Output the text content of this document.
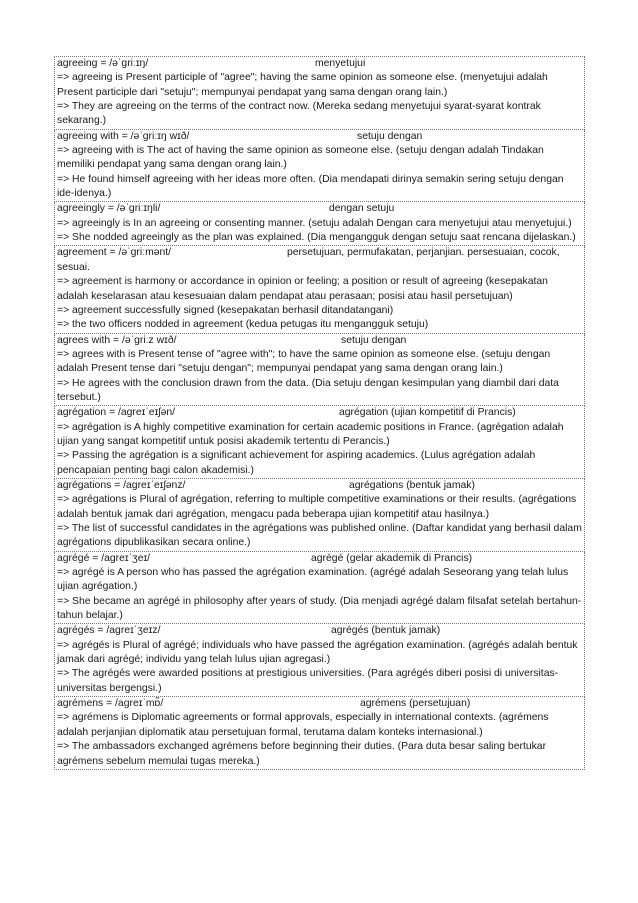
agreeing = /əˈɡriːɪŋ/	menyetujui
=> agreeing is Present participle of "agree"; having the same opinion as someone else. (menyetujui adalah Present participle dari "setuju"; mempunyai pendapat yang sama dengan orang lain.)
=> They are agreeing on the terms of the contract now. (Mereka sedang menyetujui syarat-syarat kontrak sekarang.)
agreeing with = /əˈɡriːɪŋ wɪð/	setuju dengan
=> agreeing with is The act of having the same opinion as someone else. (setuju dengan adalah Tindakan memiliki pendapat yang sama dengan orang lain.)
=> He found himself agreeing with her ideas more often. (Dia mendapati dirinya semakin sering setuju dengan ide-idenya.)
agreeingly = /əˈɡriːɪŋli/	dengan setuju
=> agreeingly is In an agreeing or consenting manner. (setuju adalah Dengan cara menyetujui atau menyetujui.)
=> She nodded agreeingly as the plan was explained. (Dia mengangguk dengan setuju saat rencana dijelaskan.)
agreement = /əˈɡriːmənt/	persetujuan, permufakatan, perjanjian. persesuaian, cocok, sesuai.
=> agreement is harmony or accordance in opinion or feeling; a position or result of agreeing (kesepakatan adalah keselarasan atau kesesuaian dalam pendapat atau perasaan; posisi atau hasil persetujuan)
=> agreement successfully signed (kesepakatan berhasil ditandatangani)
=> the two officers nodded in agreement (kedua petugas itu mengangguk setuju)
agrees with = /əˈɡriːz wɪð/	setuju dengan
=> agrees with is Present tense of "agree with"; to have the same opinion as someone else. (setuju dengan adalah Present tense dari "setuju dengan"; mempunyai pendapat yang sama dengan orang lain.)
=> He agrees with the conclusion drawn from the data. (Dia setuju dengan kesimpulan yang diambil dari data tersebut.)
agrégation = /aɡreɪˈeɪʃən/	agrégation (ujian kompetitif di Prancis)
=> agrégation is A highly competitive examination for certain academic positions in France. (agrégation adalah ujian yang sangat kompetitif untuk posisi akademik tertentu di Perancis.)
=> Passing the agrégation is a significant achievement for aspiring academics. (Lulus agrégation adalah pencapaian penting bagi calon akademisi.)
agrégations = /aɡreɪˈeɪʃənz/	agrégations (bentuk jamak)
=> agrégations is Plural of agrégation, referring to multiple competitive examinations or their results. (agrégations adalah bentuk jamak dari agrégation, mengacu pada beberapa ujian kompetitif atau hasilnya.)
=> The list of successful candidates in the agrégations was published online. (Daftar kandidat yang berhasil dalam agrégations dipublikasikan secara online.)
agrégé = /aɡreɪˈʒeɪ/	agrégé (gelar akademik di Prancis)
=> agrégé is A person who has passed the agrégation examination. (agrégé adalah Seseorang yang telah lulus ujian agrégation.)
=> She became an agrégé in philosophy after years of study. (Dia menjadi agrégé dalam filsafat setelah bertahun-tahun belajar.)
agrégés = /aɡreɪˈʒeɪz/	agrégés (bentuk jamak)
=> agrégés is Plural of agrégé; individuals who have passed the agrégation examination. (agrégés adalah bentuk jamak dari agrégé; individu yang telah lulus ujian agregasi.)
=> The agrégés were awarded positions at prestigious universities. (Para agrégés diberi posisi di universitas-universitas bergengsi.)
agrémens = /aɡreɪˈmɒ̃/	agrémens (persetujuan)
=> agrémens is Diplomatic agreements or formal approvals, especially in international contexts. (agrémens adalah perjanjian diplomatik atau persetujuan formal, terutama dalam konteks internasional.)
=> The ambassadors exchanged agrémens before beginning their duties. (Para duta besar saling bertukar agrémens sebelum memulai tugas mereka.)
